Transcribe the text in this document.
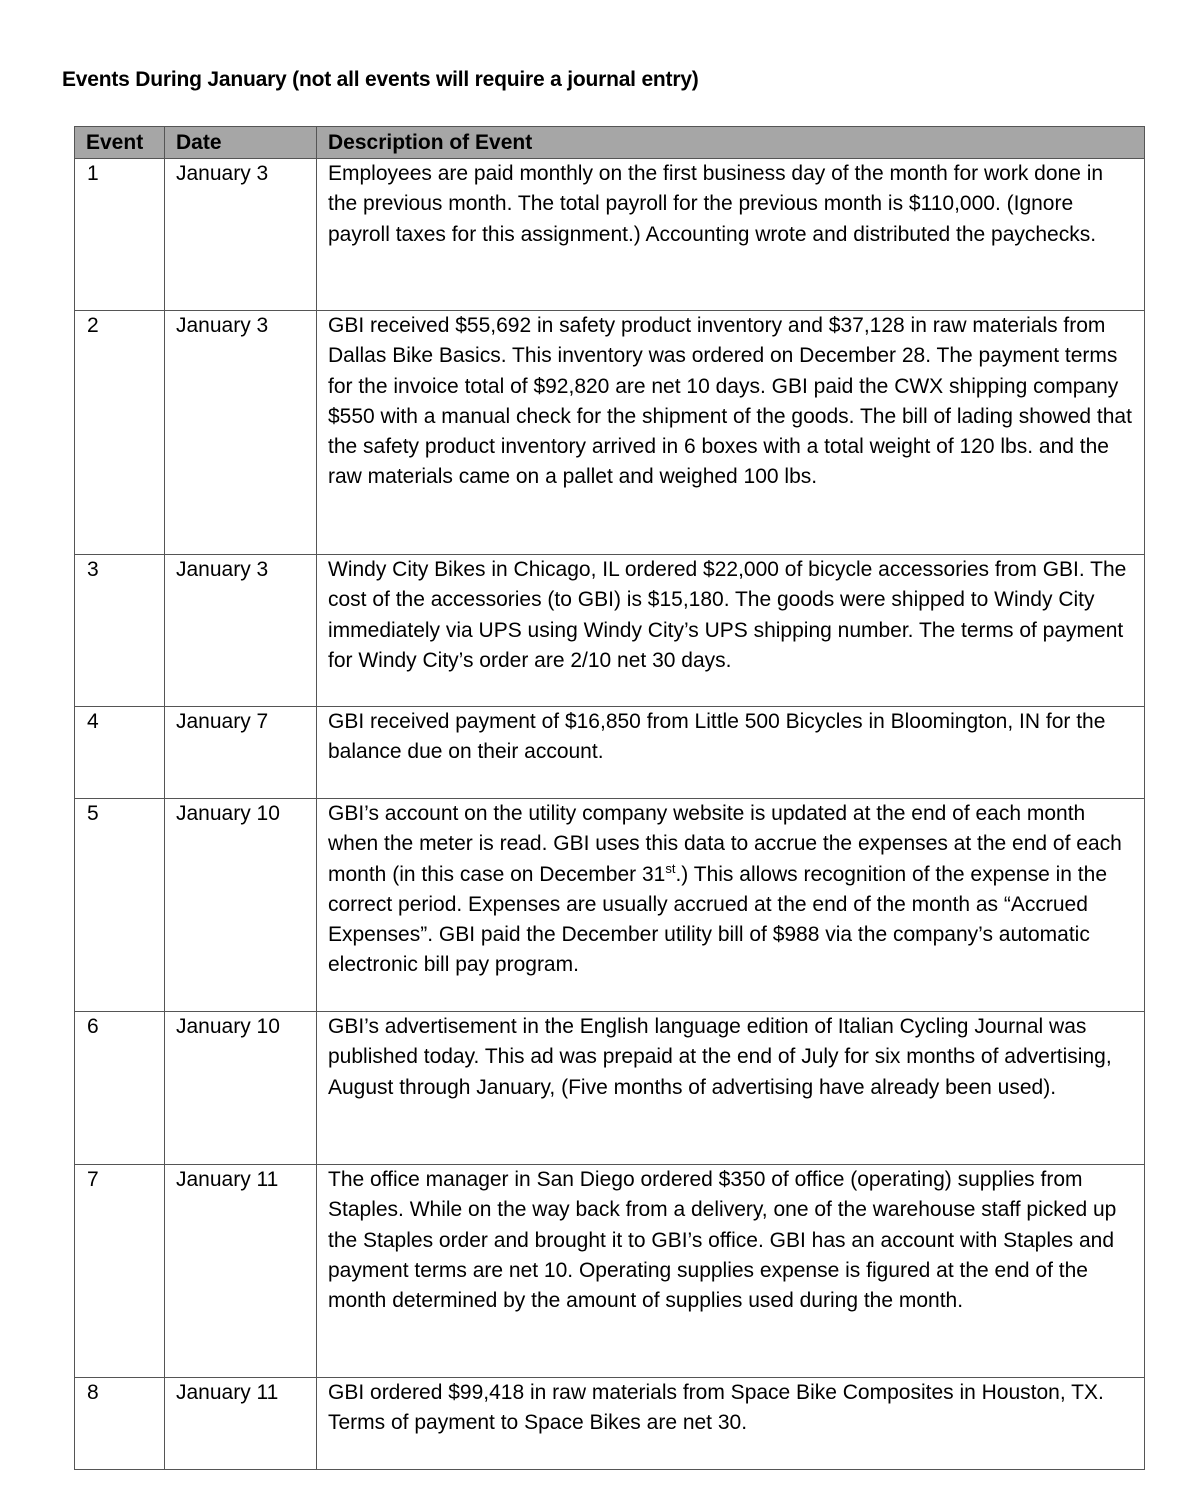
Events During January (not all events will require a journal entry)
Event	Date	Description of Event
1	January 3	Employees are paid monthly on the first business day of the month for work done in the previous month. The total payroll for the previous month is $110,000. (Ignore payroll taxes for this assignment.) Accounting wrote and distributed the paychecks.
2	January 3	GBI received $55,692 in safety product inventory and $37,128 in raw materials from Dallas Bike Basics. This inventory was ordered on December 28. The payment terms for the invoice total of $92,820 are net 10 days. GBI paid the CWX shipping company $550 with a manual check for the shipment of the goods. The bill of lading showed that the safety product inventory arrived in 6 boxes with a total weight of 120 lbs. and the raw materials came on a pallet and weighed 100 lbs.
3	January 3	Windy City Bikes in Chicago, IL ordered $22,000 of bicycle accessories from GBI. The cost of the accessories (to GBI) is $15,180. The goods were shipped to Windy City immediately via UPS using Windy City’s UPS shipping number. The terms of payment for Windy City’s order are 2/10 net 30 days.
4	January 7	GBI received payment of $16,850 from Little 500 Bicycles in Bloomington, IN for the balance due on their account.
5	January 10	GBI’s account on the utility company website is updated at the end of each month when the meter is read. GBI uses this data to accrue the expenses at the end of each month (in this case on December 31st.) This allows recognition of the expense in the correct period. Expenses are usually accrued at the end of the month as “Accrued Expenses”. GBI paid the December utility bill of $988 via the company’s automatic electronic bill pay program.
6	January 10	GBI’s advertisement in the English language edition of Italian Cycling Journal was published today. This ad was prepaid at the end of July for six months of advertising, August through January, (Five months of advertising have already been used).
7	January 11	The office manager in San Diego ordered $350 of office (operating) supplies from Staples. While on the way back from a delivery, one of the warehouse staff picked up the Staples order and brought it to GBI’s office. GBI has an account with Staples and payment terms are net 10. Operating supplies expense is figured at the end of the month determined by the amount of supplies used during the month.
8	January 11	GBI ordered $99,418 in raw materials from Space Bike Composites in Houston, TX. Terms of payment to Space Bikes are net 30.
